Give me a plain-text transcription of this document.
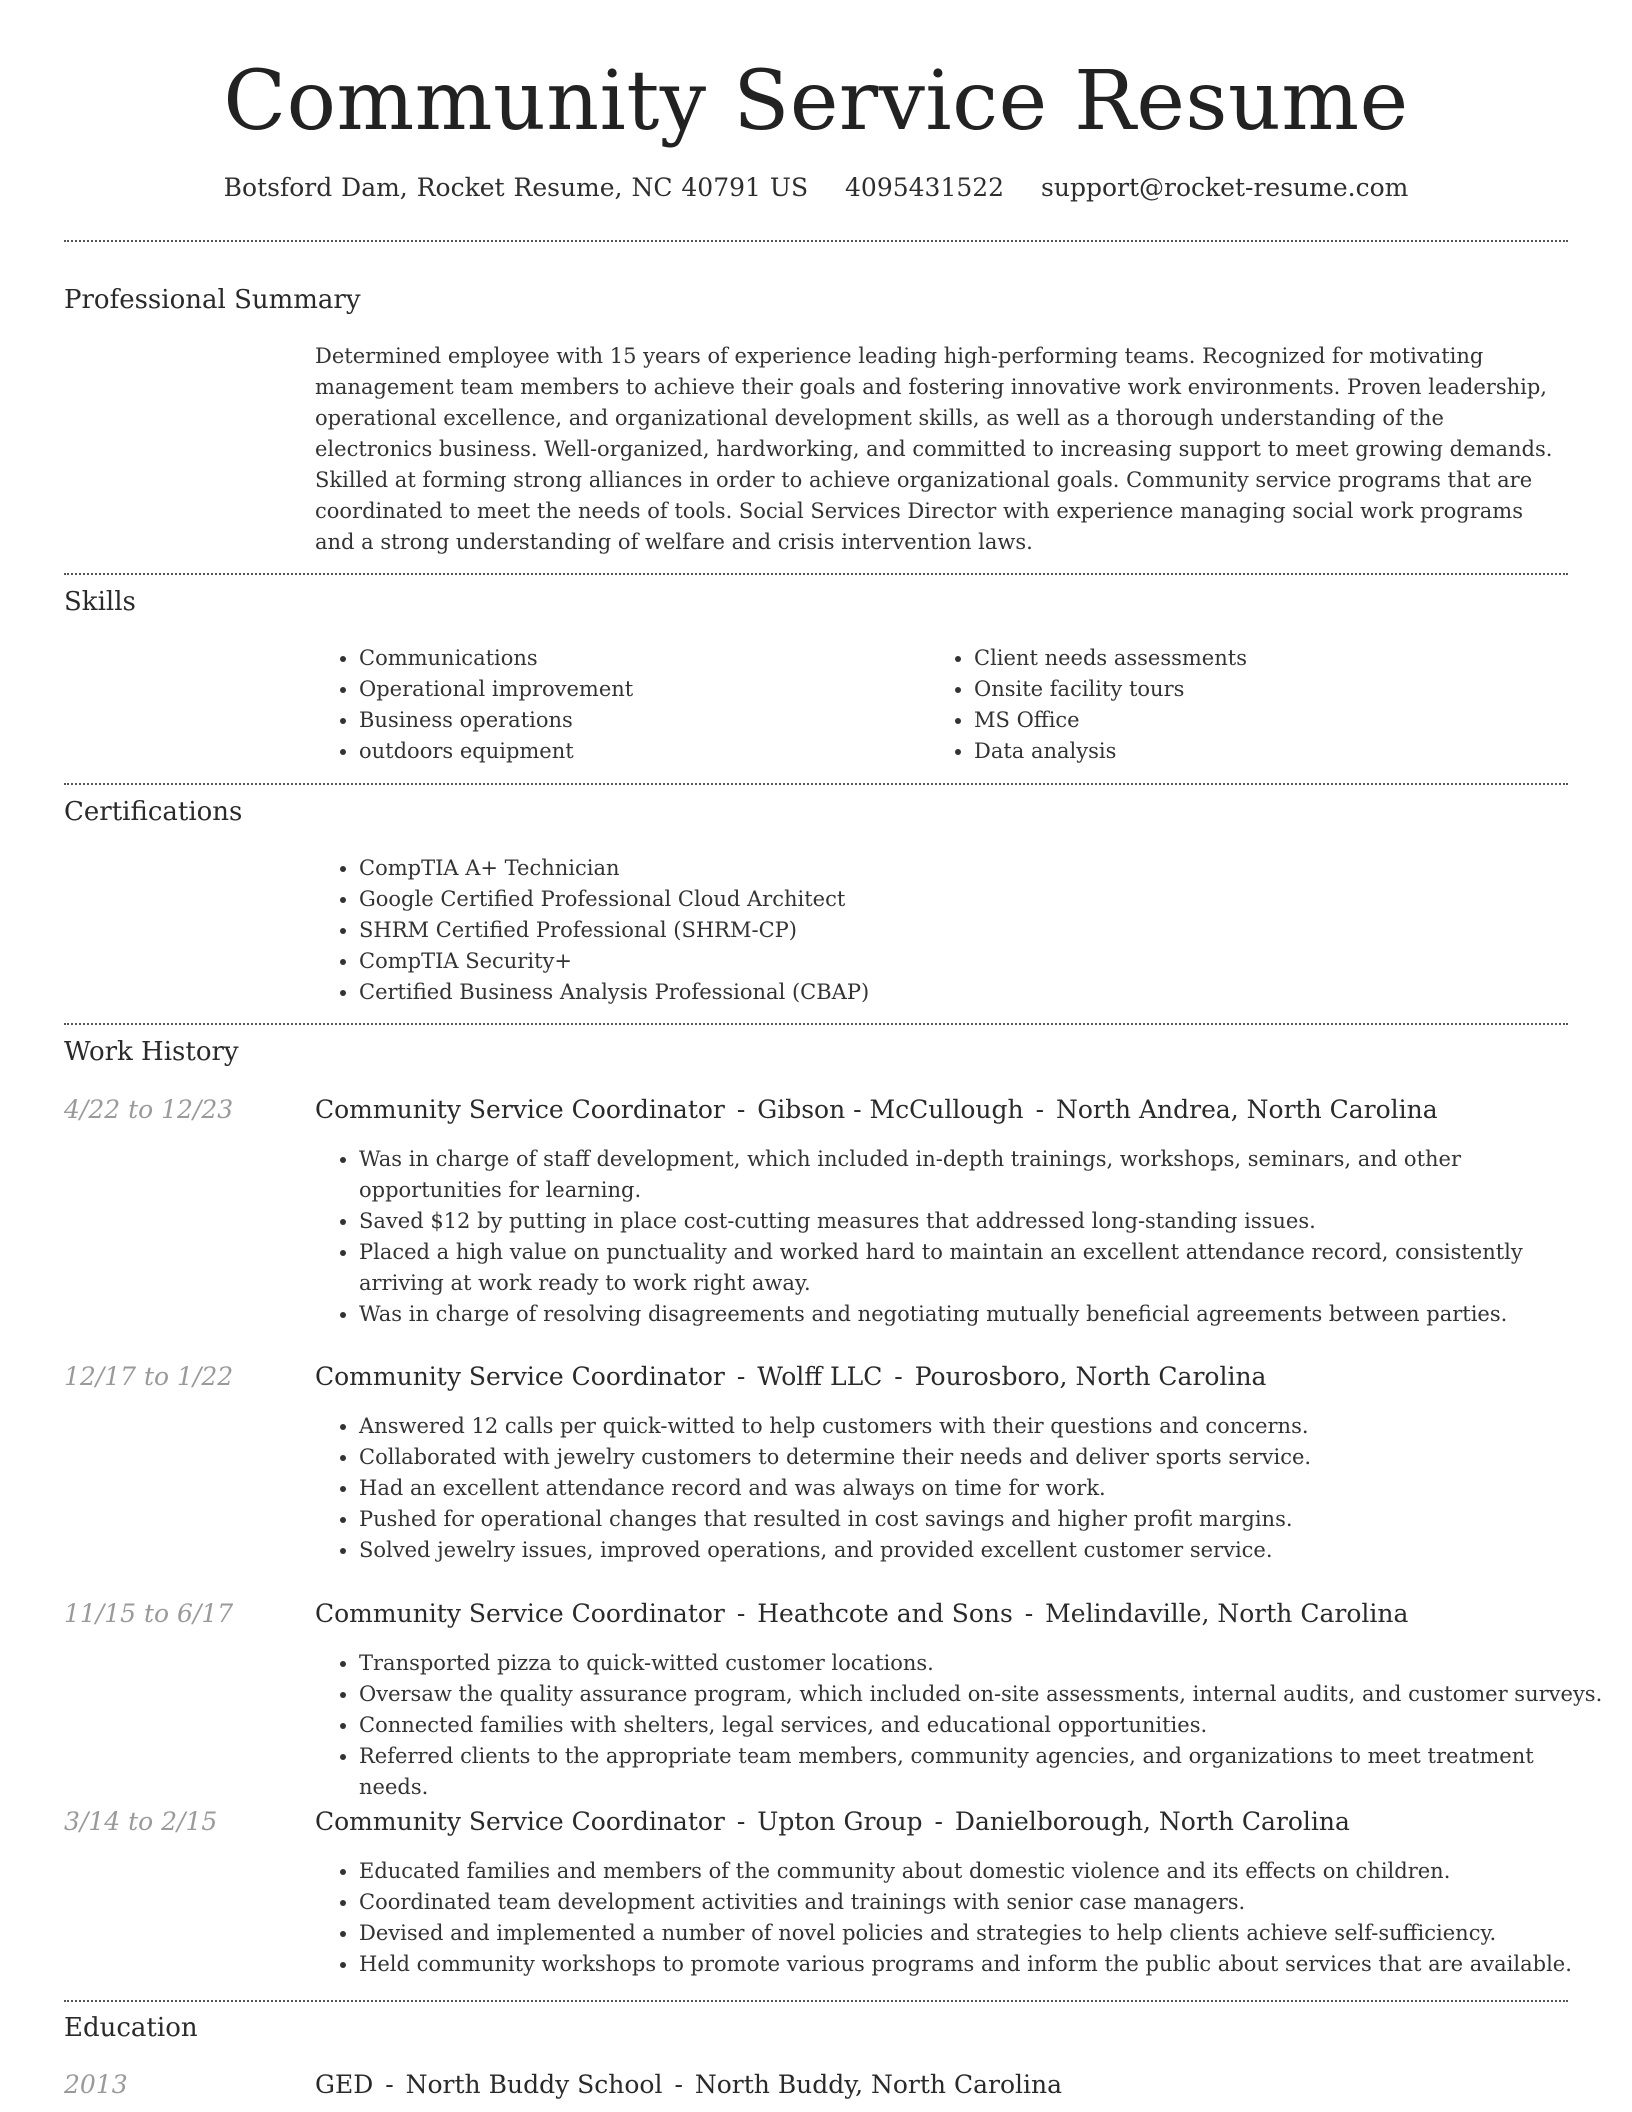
Community Service Resume
Botsford Dam, Rocket Resume, NC 40791 US 4095431522 support@rocket-resume.com
Professional Summary

Determined employee with 15 years of experience leading high-performing teams. Recognized for motivating management team members to achieve their goals and fostering innovative work environments. Proven leadership, operational excellence, and organizational development skills, as well as a thorough understanding of the electronics business. Well-organized, hardworking, and committed to increasing support to meet growing demands. Skilled at forming strong alliances in order to achieve organizational goals. Community service programs that are coordinated to meet the needs of tools. Social Services Director with experience managing social work programs and a strong understanding of welfare and crisis intervention laws.

Skills
• Communications
• Operational improvement
• Business operations
• outdoors equipment
• Client needs assessments
• Onsite facility tours
• MS Office
• Data analysis
Certifications
• CompTIA A+ Technician
• Google Certified Professional Cloud Architect
• SHRM Certified Professional (SHRM-CP)
• CompTIA Security+
• Certified Business Analysis Professional (CBAP)
Work History
4/22 to 12/23	Community Service Coordinator - Gibson - McCullough - North Andrea, North Carolina
• Was in charge of staff development, which included in-depth trainings, workshops, seminars, and other opportunities for learning.
• Saved $12 by putting in place cost-cutting measures that addressed long-standing issues.
• Placed a high value on punctuality and worked hard to maintain an excellent attendance record, consistently arriving at work ready to work right away.
• Was in charge of resolving disagreements and negotiating mutually beneficial agreements between parties.
12/17 to 1/22	Community Service Coordinator - Wolff LLC - Pourosboro, North Carolina
• Answered 12 calls per quick-witted to help customers with their questions and concerns.
• Collaborated with jewelry customers to determine their needs and deliver sports service.
• Had an excellent attendance record and was always on time for work.
• Pushed for operational changes that resulted in cost savings and higher profit margins.
• Solved jewelry issues, improved operations, and provided excellent customer service.
11/15 to 6/17	Community Service Coordinator - Heathcote and Sons - Melindaville, North Carolina
• Transported pizza to quick-witted customer locations.
• Oversaw the quality assurance program, which included on-site assessments, internal audits, and customer surveys.
• Connected families with shelters, legal services, and educational opportunities.
• Referred clients to the appropriate team members, community agencies, and organizations to meet treatment needs.
3/14 to 2/15	Community Service Coordinator - Upton Group - Danielborough, North Carolina
• Educated families and members of the community about domestic violence and its effects on children.
• Coordinated team development activities and trainings with senior case managers.
• Devised and implemented a number of novel policies and strategies to help clients achieve self-sufficiency.
• Held community workshops to promote various programs and inform the public about services that are available.
Education
2013	GED - North Buddy School - North Buddy, North Carolina
